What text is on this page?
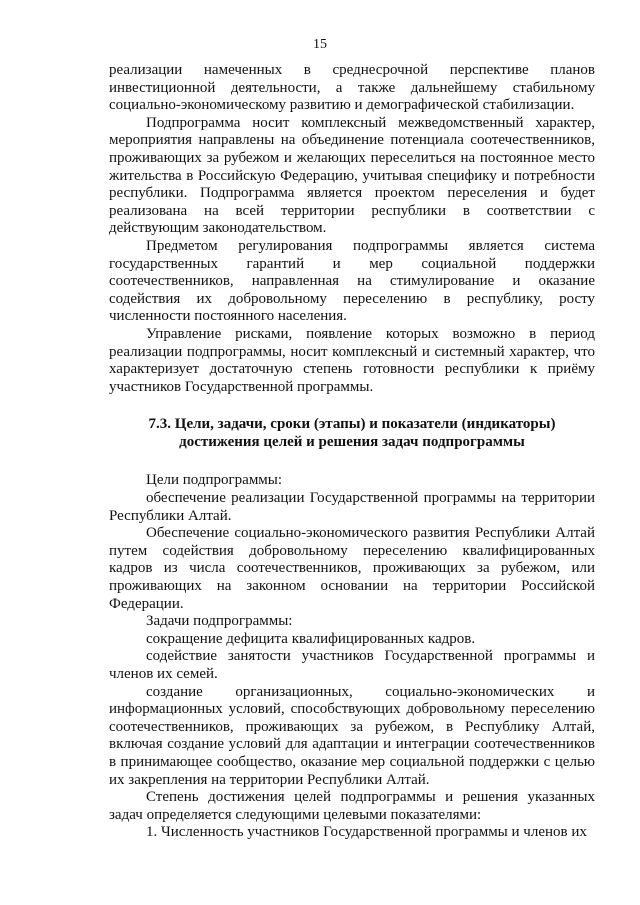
15

реализации намеченных в среднесрочной перспективе планов инвестиционной деятельности, а также дальнейшему стабильному социально-экономическому развитию и демографической стабилизации.

Подпрограмма носит комплексный межведомственный характер, мероприятия направлены на объединение потенциала соотечественников, проживающих за рубежом и желающих переселиться на постоянное место жительства в Российскую Федерацию, учитывая специфику и потребности республики. Подпрограмма является проектом переселения и будет реализована на всей территории республики в соответствии с действующим законодательством.

Предметом регулирования подпрограммы является система государственных гарантий и мер социальной поддержки соотечественников, направленная на стимулирование и оказание содействия их добровольному переселению в республику, росту численности постоянного населения.

Управление рисками, появление которых возможно в период реализации подпрограммы, носит комплексный и системный характер, что характеризует достаточную степень готовности республики к приёму участников Государственной программы.

7.3. Цели, задачи, сроки (этапы) и показатели (индикаторы) достижения целей и решения задач подпрограммы

Цели подпрограммы:

обеспечение реализации Государственной программы на территории Республики Алтай.

Обеспечение социально-экономического развития Республики Алтай путем содействия добровольному переселению квалифицированных кадров из числа соотечественников, проживающих за рубежом, или проживающих на законном основании на территории Российской Федерации.

Задачи подпрограммы:

сокращение дефицита квалифицированных кадров.

содействие занятости участников Государственной программы и членов их семей.

создание организационных, социально-экономических и информационных условий, способствующих добровольному переселению соотечественников, проживающих за рубежом, в Республику Алтай, включая создание условий для адаптации и интеграции соотечественников в принимающее сообщество, оказание мер социальной поддержки с целью их закрепления на территории Республики Алтай.

Степень достижения целей подпрограммы и решения указанных задач определяется следующими целевыми показателями:

1. Численность участников Государственной программы и членов их
